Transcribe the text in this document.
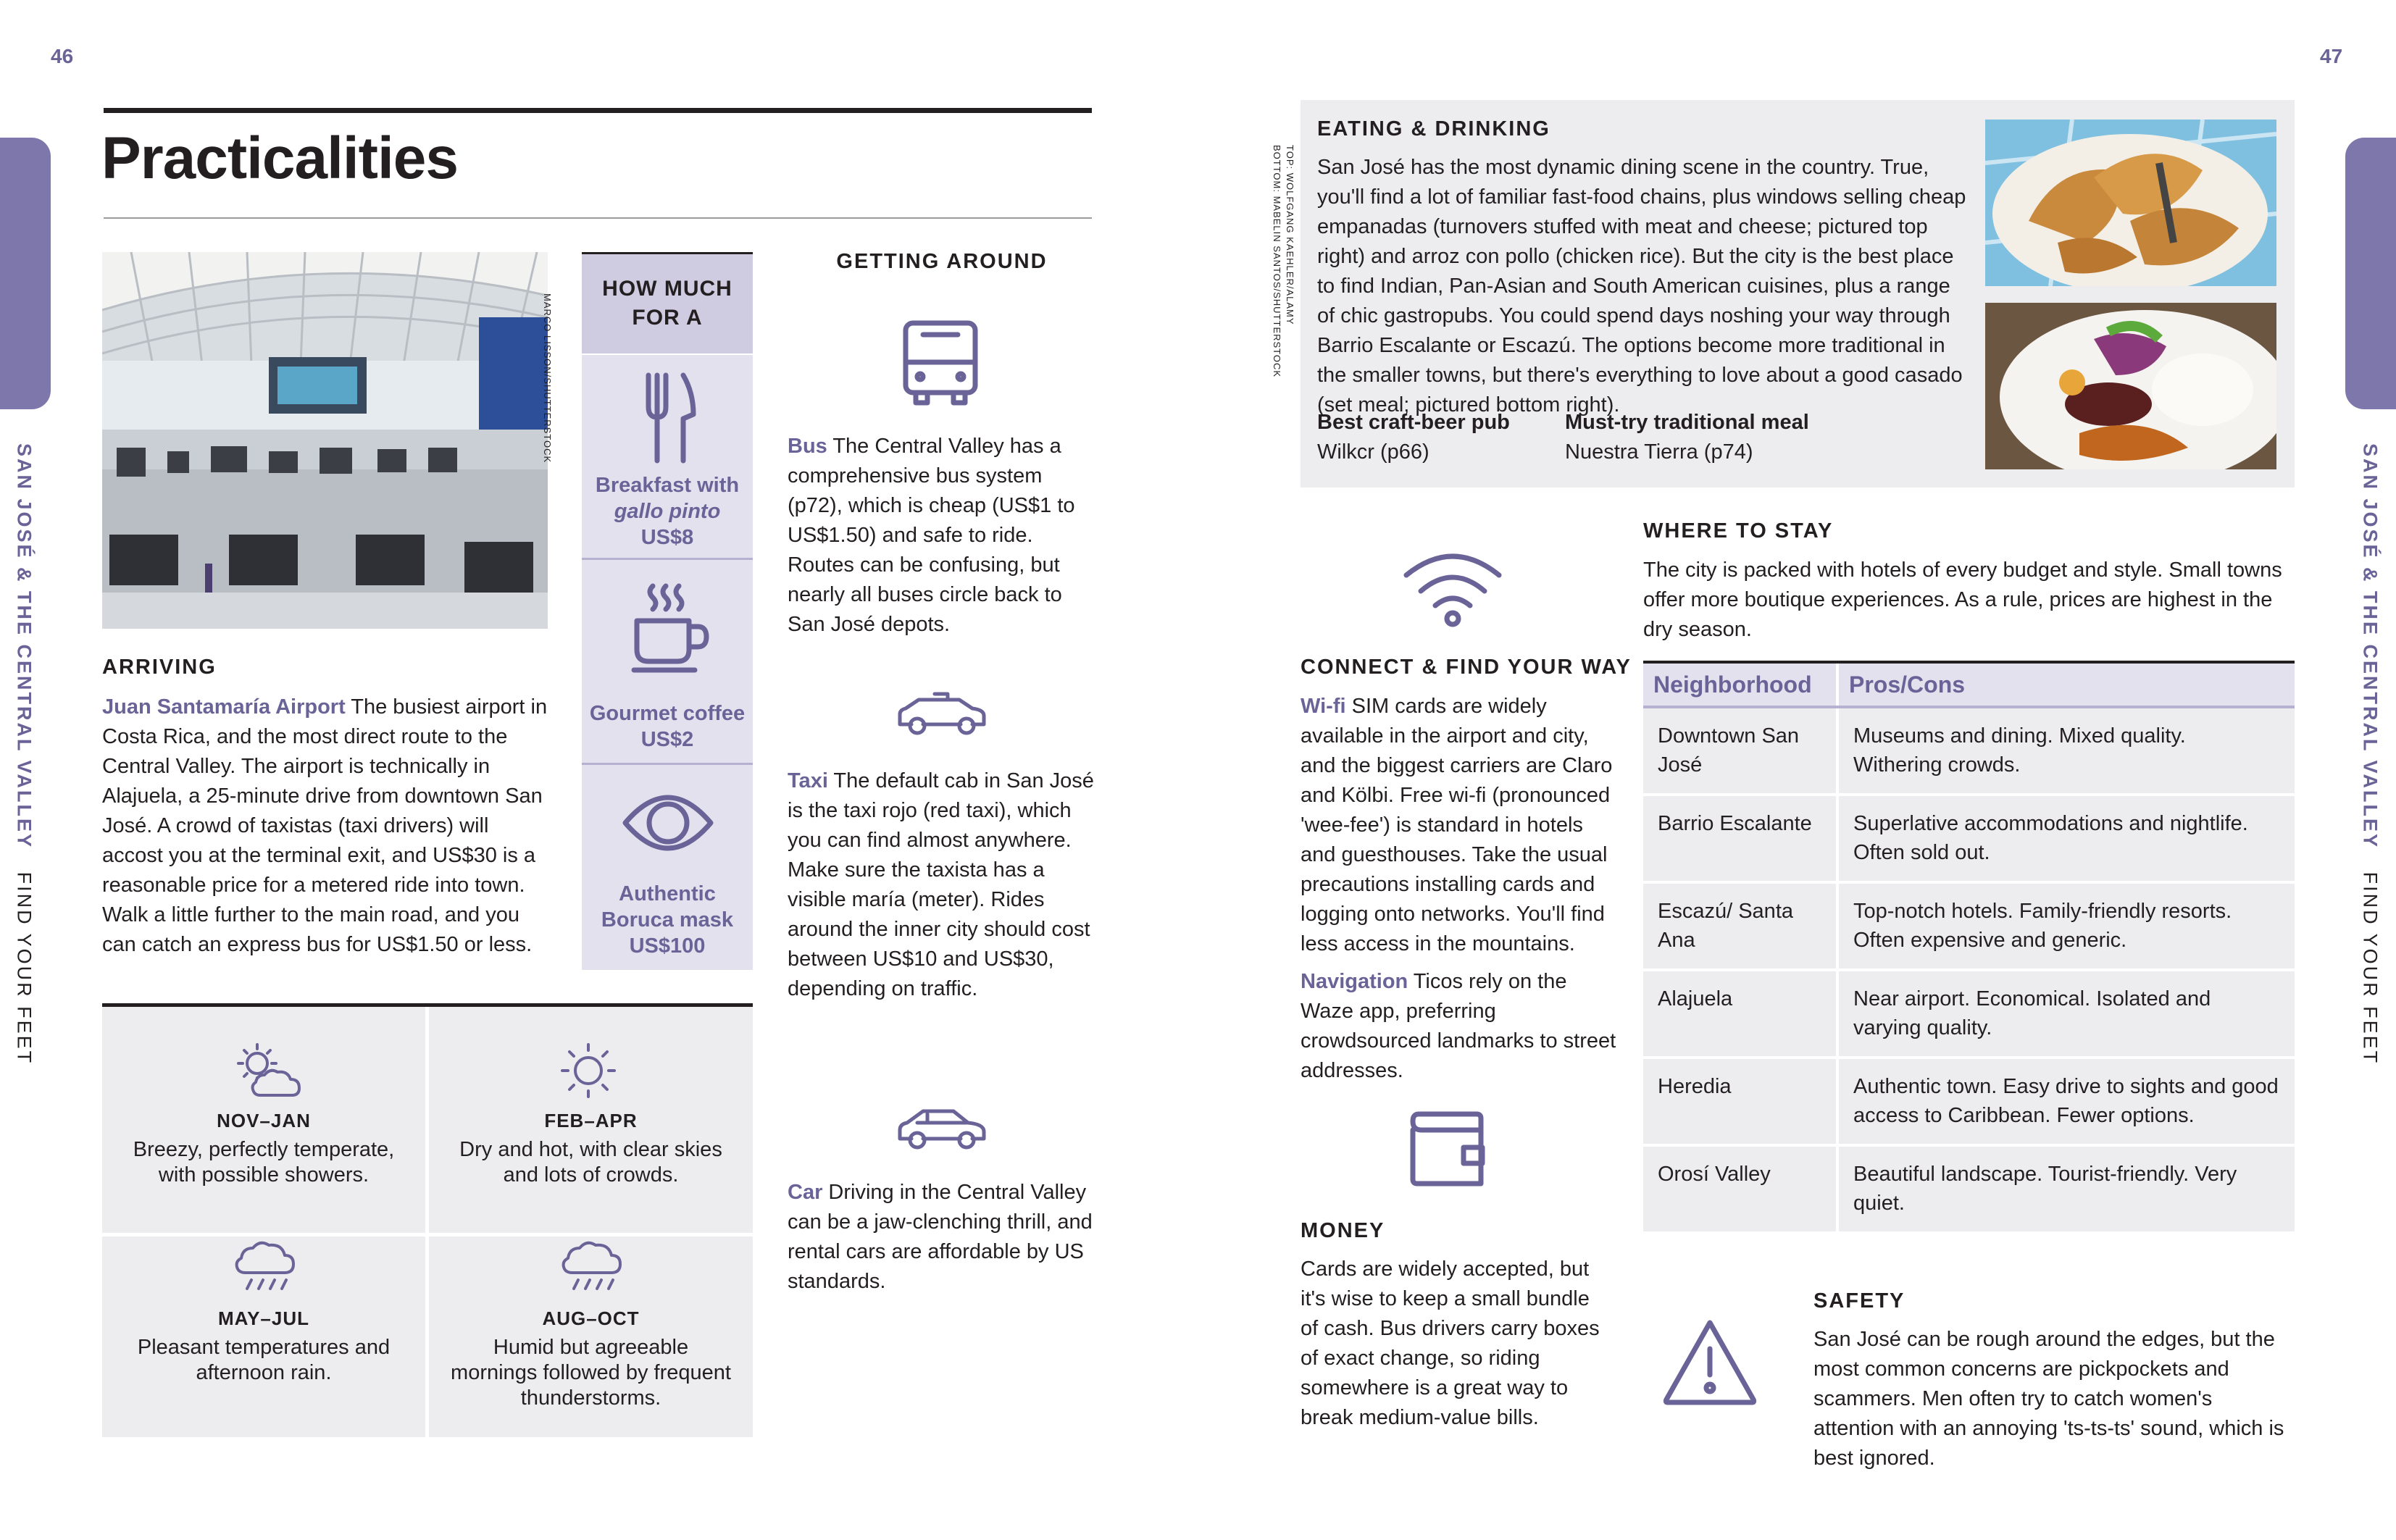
46
SAN JOSÉ & THE CENTRAL VALLEY   FIND YOUR FEET
Practicalities
MARCO LISSON/SHUTTERSTOCK
ARRIVING
Juan Santamaría Airport The busiest airport in Costa Rica, and the most direct route to the Central Valley. The airport is technically in Alajuela, a 25-minute drive from downtown San José. A crowd of taxistas (taxi drivers) will accost you at the terminal exit, and US$30 is a reasonable price for a metered ride into town. Walk a little further to the main road, and you can catch an express bus for US$1.50 or less.
HOW MUCH
FOR A
Breakfast with
gallo pinto
US$8
Gourmet coffee
US$2
Authentic
Boruca mask
US$100
NOV–JAN
Breezy, perfectly temperate, with possible showers.
FEB–APR
Dry and hot, with clear skies and lots of crowds.
MAY–JUL
Pleasant temperatures and afternoon rain.
AUG–OCT
Humid but agreeable mornings followed by frequent thunderstorms.
GETTING AROUND
Bus The Central Valley has a comprehensive bus system (p72), which is cheap (US$1 to US$1.50) and safe to ride. Routes can be confusing, but nearly all buses circle back to San José depots.
Taxi The default cab in San José is the taxi rojo (red taxi), which you can find almost anywhere. Make sure the taxista has a visible maría (meter). Rides around the inner city should cost between US$10 and US$30, depending on traffic.
Car Driving in the Central Valley can be a jaw-clenching thrill, and rental cars are affordable by US standards.
47
SAN JOSÉ & THE CENTRAL VALLEY   FIND YOUR FEET
TOP: WOLFGANG KAEHLER/ALAMY
BOTTOM: MABELIN SANTOS/SHUTTERSTOCK
EATING & DRINKING
San José has the most dynamic dining scene in the country. True, you'll find a lot of familiar fast-food chains, plus windows selling cheap empanadas (turnovers stuffed with meat and cheese; pictured top right) and arroz con pollo (chicken rice). But the city is the best place to find Indian, Pan-Asian and South American cuisines, plus a range of chic gastropubs. You could spend days noshing your way through Barrio Escalante or Escazú. The options become more traditional in the smaller towns, but there's everything to love about a good casado (set meal; pictured bottom right).
Best craft-beer pub
Wilkcr (p66)
Must-try traditional meal
Nuestra Tierra (p74)
CONNECT & FIND YOUR WAY
Wi-fi SIM cards are widely available in the airport and city, and the biggest carriers are Claro and Kölbi. Free wi-fi (pronounced 'wee-fee') is standard in hotels and guesthouses. Take the usual precautions installing cards and logging onto networks. You'll find less access in the mountains.
Navigation Ticos rely on the Waze app, preferring crowdsourced landmarks to street addresses.
MONEY
Cards are widely accepted, but it's wise to keep a small bundle of cash. Bus drivers carry boxes of exact change, so riding somewhere is a great way to break medium-value bills.
WHERE TO STAY
The city is packed with hotels of every budget and style. Small towns offer more boutique experiences. As a rule, prices are highest in the dry season.
Neighborhood	Pros/Cons
Downtown San José	Museums and dining. Mixed quality. Withering crowds.
Barrio Escalante	Superlative accommodations and nightlife. Often sold out.
Escazú/ Santa Ana	Top-notch hotels. Family-friendly resorts. Often expensive and generic.
Alajuela	Near airport. Economical. Isolated and varying quality.
Heredia	Authentic town. Easy drive to sights and good access to Caribbean. Fewer options.
Orosí Valley	Beautiful landscape. Tourist-friendly. Very quiet.
SAFETY
San José can be rough around the edges, but the most common concerns are pickpockets and scammers. Men often try to catch women's attention with an annoying 'ts-ts-ts' sound, which is best ignored.
